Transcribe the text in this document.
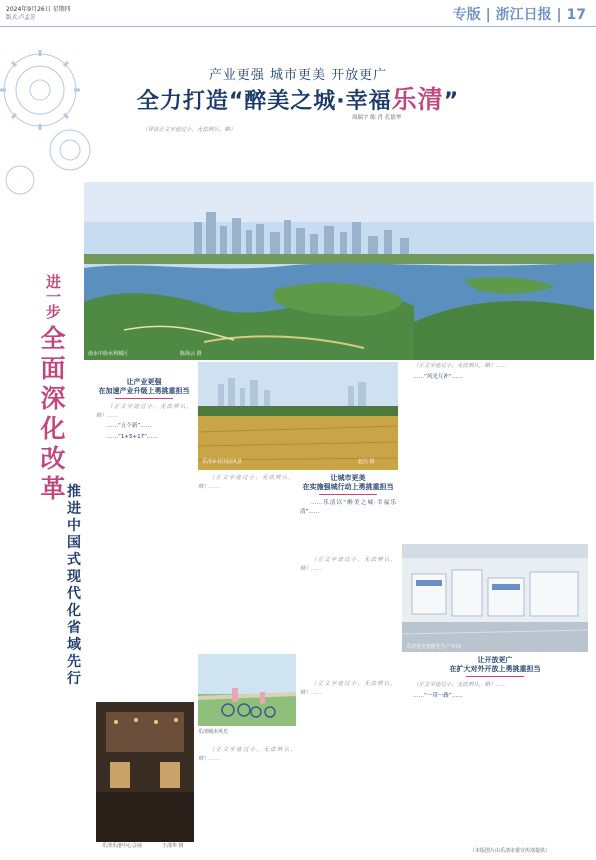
2024年9月26日 星期四
版式:卢孟芳	专版 | 浙江日报 | 17
产业更强 城市更美 开放更广
全力打造“醉美之城·幸福乐清”
周瑞宇 陈 肖 孔德华
（导语正文字迹过小，无法辨认，略）
南水中街水利城区	陈海云 摄
进一步
全
面
深
化
改
革 推
进
中
国
式
现
代
化
省
域
先
行
让产业更强
在加速产业升级上勇挑重担当

（正文字迹过小，无法辨认，略）……

……“五个新”……

……“1+5+17”……

乐清乡村田园风景	赵昌 摄

（正文字迹过小，无法辨认，略）……

让城市更美
在实施强城行动上勇挑重担当

……乐清以“醉美之城·幸福乐清”……

（正文字迹过小，无法辨认，略）……

（正文字迹过小，无法辨认，略）……

……“风光互补”……

乐清光电智能化生产车间
让开放更广
在扩大对外开放上勇挑重担当

（正文字迹过小，无法辨认，略）……

……“一带一路”……

（正文字迹过小，无法辨认，略）……

乐清城市风光
乐清乐港中心会展	王邵华 摄

（正文字迹过小，无法辨认，略）……

（本版图片由乐清市委宣传部提供）
